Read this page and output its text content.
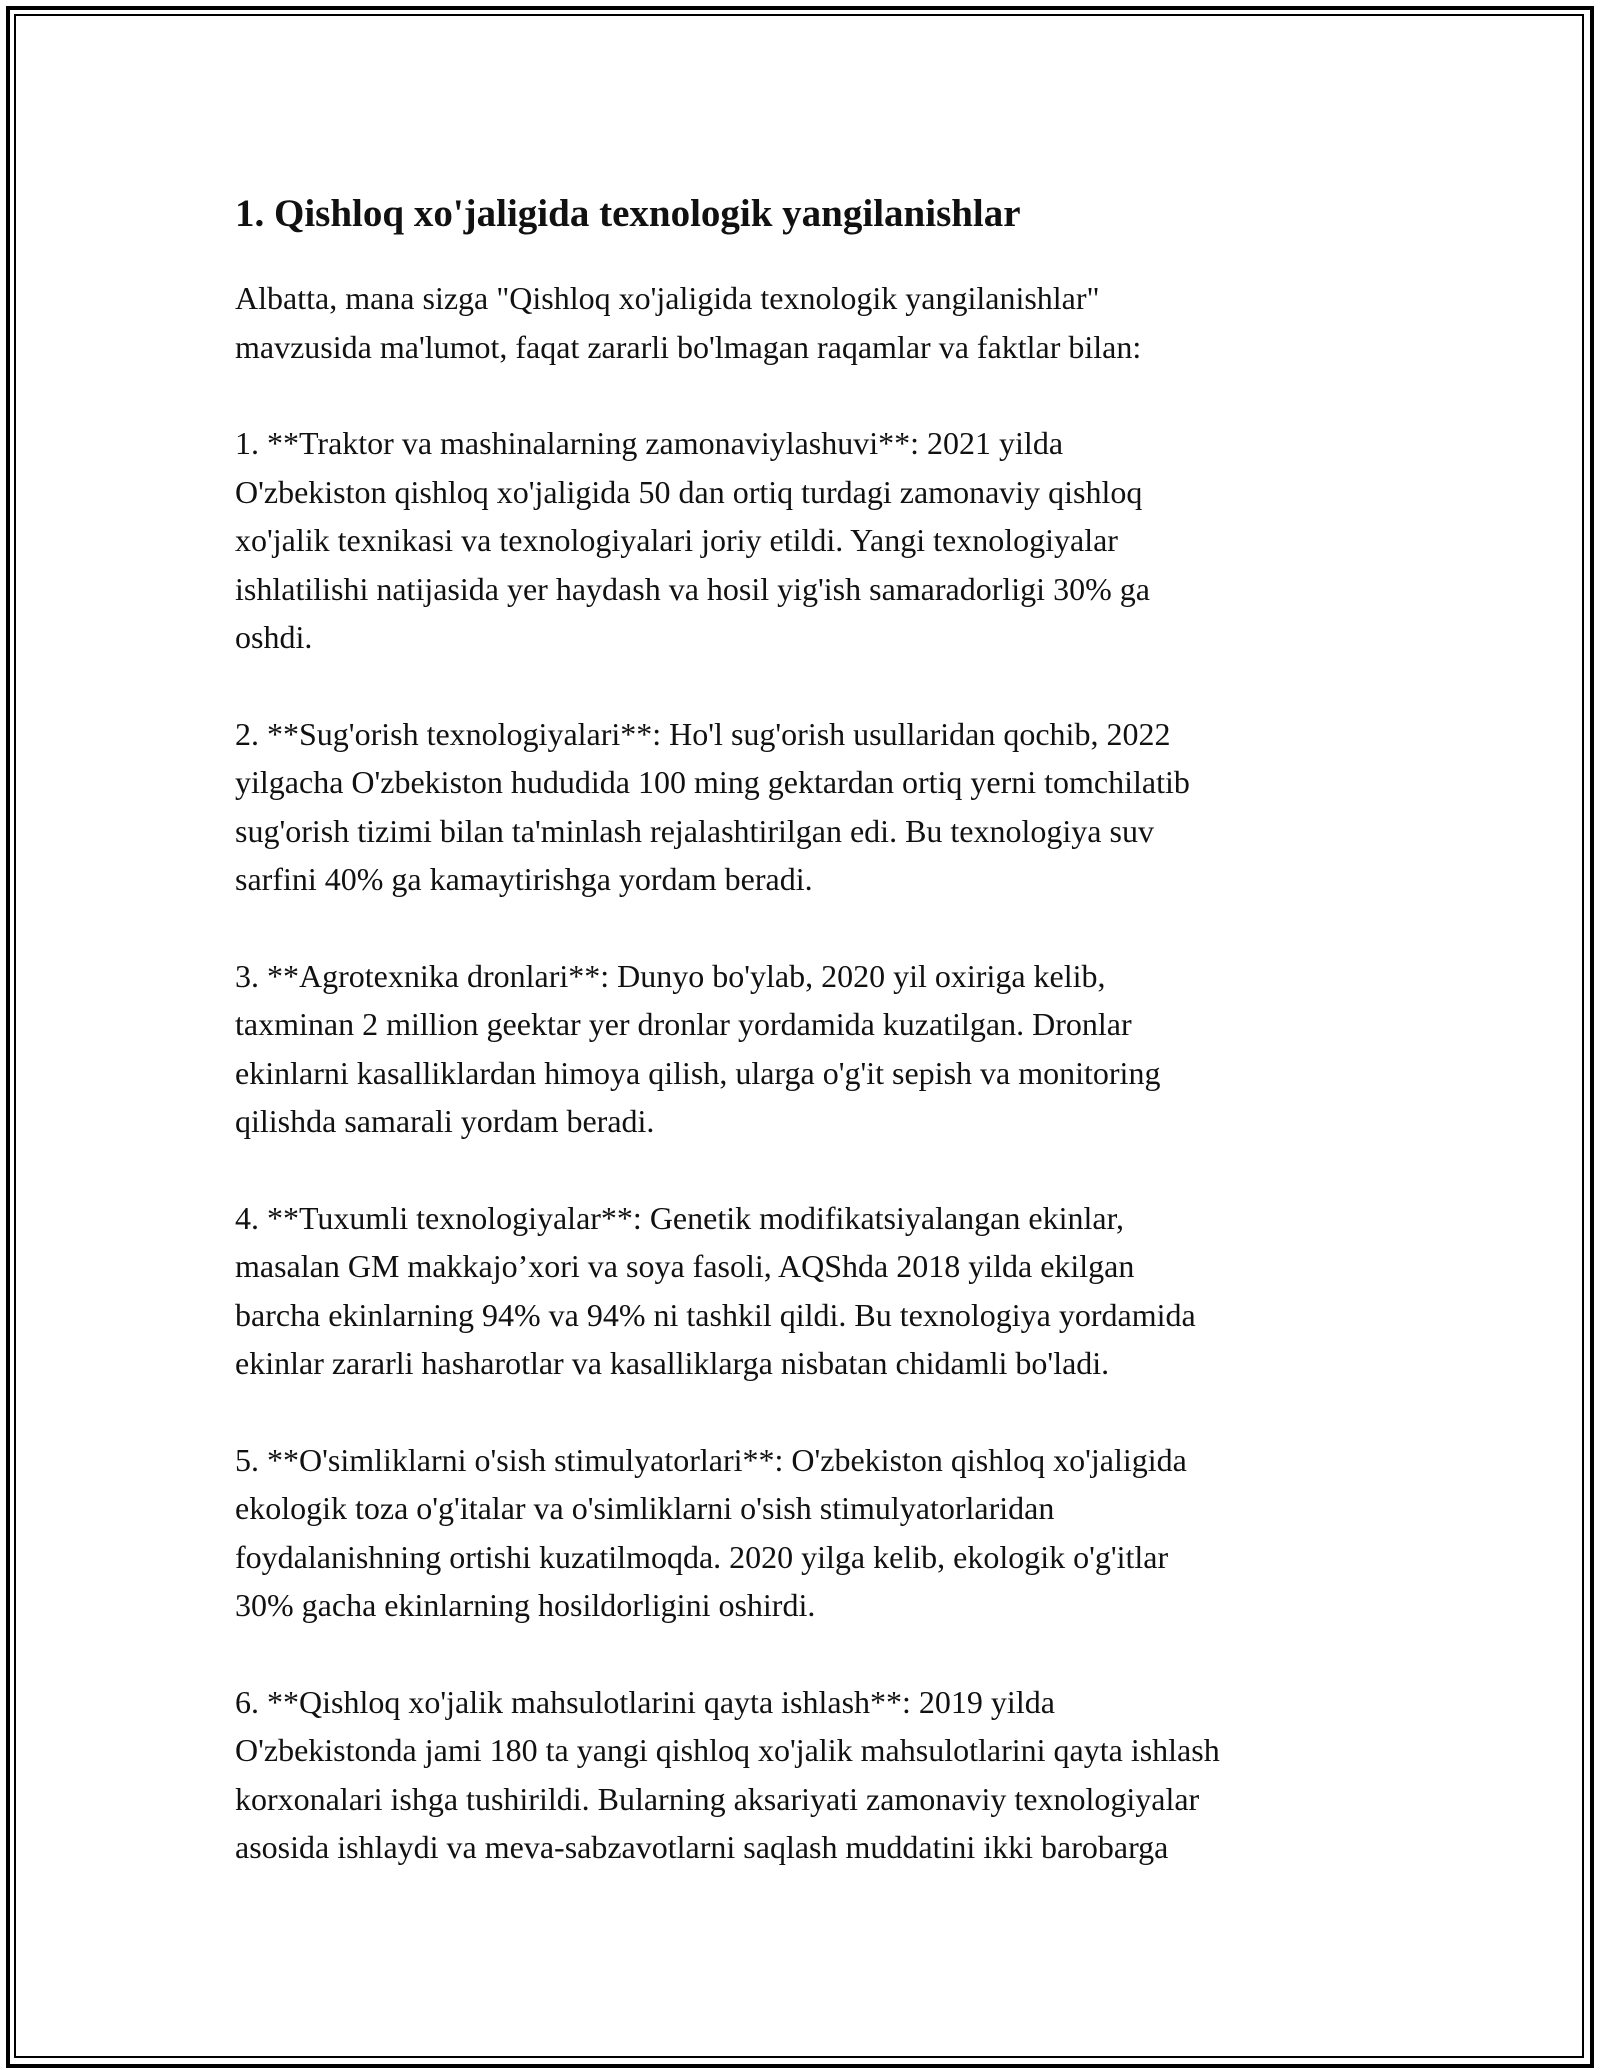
1. Qishloq xo'jaligida texnologik yangilanishlar

Albatta, mana sizga "Qishloq xo'jaligida texnologik yangilanishlar"
mavzusida ma'lumot, faqat zararli bo'lmagan raqamlar va faktlar bilan:

1. **Traktor va mashinalarning zamonaviylashuvi**: 2021 yilda
O'zbekiston qishloq xo'jaligida 50 dan ortiq turdagi zamonaviy qishloq
xo'jalik texnikasi va texnologiyalari joriy etildi. Yangi texnologiyalar
ishlatilishi natijasida yer haydash va hosil yig'ish samaradorligi 30% ga
oshdi.

2. **Sug'orish texnologiyalari**: Ho'l sug'orish usullaridan qochib, 2022
yilgacha O'zbekiston hududida 100 ming gektardan ortiq yerni tomchilatib
sug'orish tizimi bilan ta'minlash rejalashtirilgan edi. Bu texnologiya suv
sarfini 40% ga kamaytirishga yordam beradi.

3. **Agrotexnika dronlari**: Dunyo bo'ylab, 2020 yil oxiriga kelib,
taxminan 2 million geektar yer dronlar yordamida kuzatilgan. Dronlar
ekinlarni kasalliklardan himoya qilish, ularga o'g'it sepish va monitoring
qilishda samarali yordam beradi.

4. **Tuxumli texnologiyalar**: Genetik modifikatsiyalangan ekinlar,
masalan GM makkajo’xori va soya fasoli, AQShda 2018 yilda ekilgan
barcha ekinlarning 94% va 94% ni tashkil qildi. Bu texnologiya yordamida
ekinlar zararli hasharotlar va kasalliklarga nisbatan chidamli bo'ladi.

5. **O'simliklarni o'sish stimulyatorlari**: O'zbekiston qishloq xo'jaligida
ekologik toza o'g'italar va o'simliklarni o'sish stimulyatorlaridan
foydalanishning ortishi kuzatilmoqda. 2020 yilga kelib, ekologik o'g'itlar
30% gacha ekinlarning hosildorligini oshirdi.

6. **Qishloq xo'jalik mahsulotlarini qayta ishlash**: 2019 yilda
O'zbekistonda jami 180 ta yangi qishloq xo'jalik mahsulotlarini qayta ishlash
korxonalari ishga tushirildi. Bularning aksariyati zamonaviy texnologiyalar
asosida ishlaydi va meva-sabzavotlarni saqlash muddatini ikki barobarga
